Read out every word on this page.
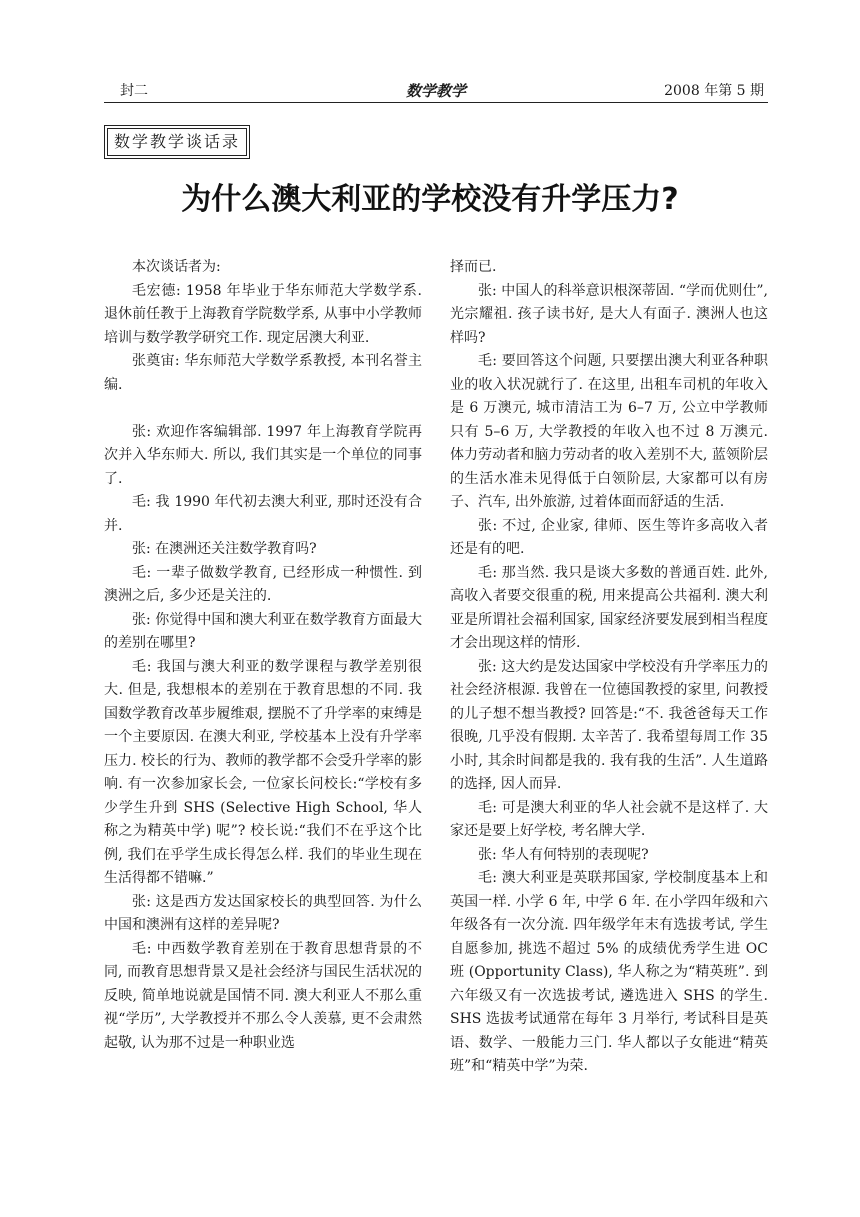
封二	数学教学	2008 年第 5 期
数学教学谈话录
为什么澳大利亚的学校没有升学压力?

本次谈话者为:

毛宏德: 1958 年毕业于华东师范大学数学系. 退休前任教于上海教育学院数学系, 从事中小学教师培训与数学教学研究工作. 现定居澳大利亚.

张奠宙: 华东师范大学数学系教授, 本刊名誉主编.

张: 欢迎作客编辑部. 1997 年上海教育学院再次并入华东师大. 所以, 我们其实是一个单位的同事了.

毛: 我 1990 年代初去澳大利亚, 那时还没有合并.

张: 在澳洲还关注数学教育吗?

毛: 一辈子做数学教育, 已经形成一种惯性. 到澳洲之后, 多少还是关注的.

张: 你觉得中国和澳大利亚在数学教育方面最大的差别在哪里?

毛: 我国与澳大利亚的数学课程与教学差别很大. 但是, 我想根本的差别在于教育思想的不同. 我国数学教育改革步履维艰, 摆脱不了升学率的束缚是一个主要原因. 在澳大利亚, 学校基本上没有升学率压力. 校长的行为、教师的教学都不会受升学率的影响. 有一次参加家长会, 一位家长问校长:“学校有多少学生升到 SHS (Selective High School, 华人称之为精英中学) 呢”? 校长说:“我们不在乎这个比例, 我们在乎学生成长得怎么样. 我们的毕业生现在生活得都不错嘛.”

张: 这是西方发达国家校长的典型回答. 为什么中国和澳洲有这样的差异呢?

毛: 中西数学教育差别在于教育思想背景的不同, 而教育思想背景又是社会经济与国民生活状况的反映, 简单地说就是国情不同. 澳大利亚人不那么重视“学历”, 大学教授并不那么令人羡慕, 更不会肃然起敬, 认为那不过是一种职业选

择而已.

张: 中国人的科举意识根深蒂固. “学而优则仕”, 光宗耀祖. 孩子读书好, 是大人有面子. 澳洲人也这样吗?

毛: 要回答这个问题, 只要摆出澳大利亚各种职业的收入状况就行了. 在这里, 出租车司机的年收入是 6 万澳元, 城市清洁工为 6–7 万, 公立中学教师只有 5–6 万, 大学教授的年收入也不过 8 万澳元. 体力劳动者和脑力劳动者的收入差别不大, 蓝领阶层的生活水准未见得低于白领阶层, 大家都可以有房子、汽车, 出外旅游, 过着体面而舒适的生活.

张: 不过, 企业家, 律师、医生等许多高收入者还是有的吧.

毛: 那当然. 我只是谈大多数的普通百姓. 此外, 高收入者要交很重的税, 用来提高公共福利. 澳大利亚是所谓社会福利国家, 国家经济要发展到相当程度才会出现这样的情形.

张: 这大约是发达国家中学校没有升学率压力的社会经济根源. 我曾在一位德国教授的家里, 问教授的儿子想不想当教授? 回答是:“不. 我爸爸每天工作很晚, 几乎没有假期. 太辛苦了. 我希望每周工作 35 小时, 其余时间都是我的. 我有我的生活”. 人生道路的选择, 因人而异.

毛: 可是澳大利亚的华人社会就不是这样了. 大家还是要上好学校, 考名牌大学.

张: 华人有何特别的表现呢?

毛: 澳大利亚是英联邦国家, 学校制度基本上和英国一样. 小学 6 年, 中学 6 年. 在小学四年级和六年级各有一次分流. 四年级学年末有选拔考试, 学生自愿参加, 挑选不超过 5% 的成绩优秀学生进 OC 班 (Opportunity Class), 华人称之为“精英班”. 到六年级又有一次选拔考试, 遴选进入 SHS 的学生. SHS 选拔考试通常在每年 3 月举行, 考试科目是英语、数学、一般能力三门. 华人都以子女能进“精英班”和“精英中学”为荣.
